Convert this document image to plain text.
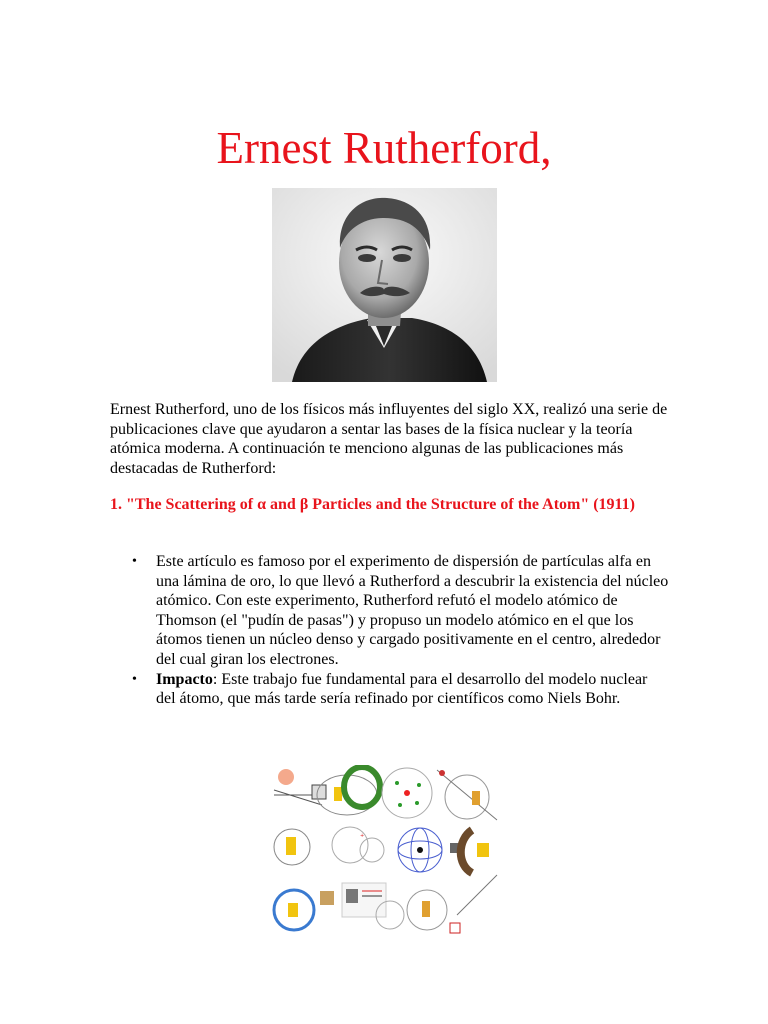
Ernest Rutherford,

Ernest Rutherford, uno de los físicos más influyentes del siglo XX, realizó una serie de publicaciones clave que ayudaron a sentar las bases de la física nuclear y la teoría atómica moderna. A continuación te menciono algunas de las publicaciones más destacadas de Rutherford:

1. "The Scattering of α and β Particles and the Structure of the Atom" (1911)

• Este artículo es famoso por el experimento de dispersión de partículas alfa en una lámina de oro, lo que llevó a Rutherford a descubrir la existencia del núcleo atómico. Con este experimento, Rutherford refutó el modelo atómico de Thomson (el "pudín de pasas") y propuso un modelo atómico en el que los átomos tienen un núcleo denso y cargado positivamente en el centro, alrededor del cual giran los electrones.
• Impacto: Este trabajo fue fundamental para el desarrollo del modelo nuclear del átomo, que más tarde sería refinado por científicos como Niels Bohr.
+
